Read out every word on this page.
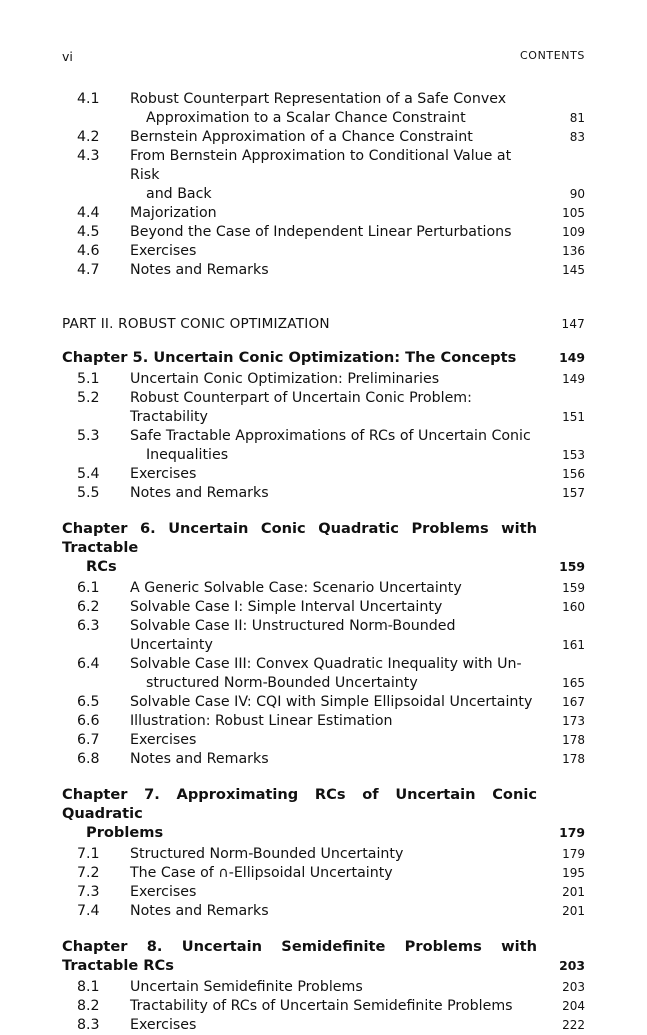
vi	CONTENTS
4.1 Robust Counterpart Representation of a Safe Convex
Approximation to a Scalar Chance Constraint	81
4.2 Bernstein Approximation of a Chance Constraint	83
4.3 From Bernstein Approximation to Conditional Value at Risk
and Back	90
4.4 Majorization	105
4.5 Beyond the Case of Independent Linear Perturbations	109
4.6 Exercises	136
4.7 Notes and Remarks	145
PART II. ROBUST CONIC OPTIMIZATION	147
Chapter 5. Uncertain Conic Optimization: The Concepts	149
5.1 Uncertain Conic Optimization: Preliminaries	149
5.2 Robust Counterpart of Uncertain Conic Problem: Tractability	151
5.3 Safe Tractable Approximations of RCs of Uncertain Conic
Inequalities	153
5.4 Exercises	156
5.5 Notes and Remarks	157
Chapter 6. Uncertain Conic Quadratic Problems with Tractable
RCs	159
6.1 A Generic Solvable Case: Scenario Uncertainty	159
6.2 Solvable Case I: Simple Interval Uncertainty	160
6.3 Solvable Case II: Unstructured Norm-Bounded Uncertainty	161
6.4 Solvable Case III: Convex Quadratic Inequality with Un-
structured Norm-Bounded Uncertainty	165
6.5 Solvable Case IV: CQI with Simple Ellipsoidal Uncertainty	167
6.6 Illustration: Robust Linear Estimation	173
6.7 Exercises	178
6.8 Notes and Remarks	178
Chapter 7. Approximating RCs of Uncertain Conic Quadratic
Problems	179
7.1 Structured Norm-Bounded Uncertainty	179
7.2 The Case of ∩-Ellipsoidal Uncertainty	195
7.3 Exercises	201
7.4 Notes and Remarks	201
Chapter 8. Uncertain Semidefinite Problems with Tractable RCs	203
8.1 Uncertain Semidefinite Problems	203
8.2 Tractability of RCs of Uncertain Semidefinite Problems	204
8.3 Exercises	222
